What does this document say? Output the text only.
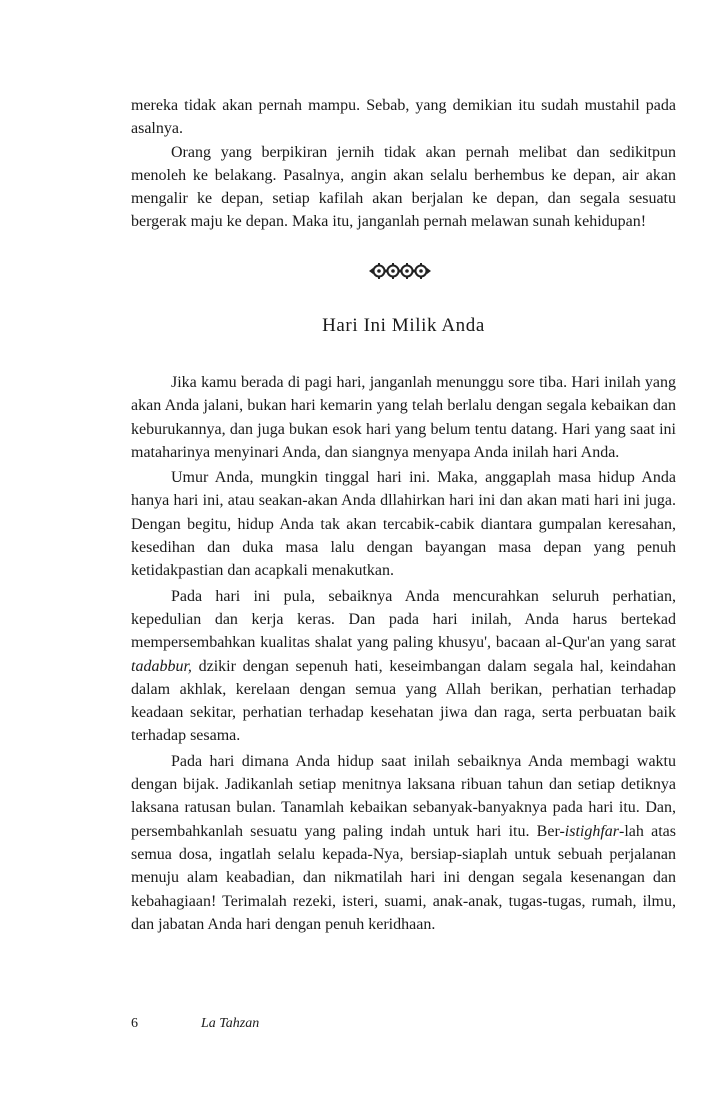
mereka tidak akan pernah mampu. Sebab, yang demikian itu sudah mustahil pada asalnya.

Orang yang berpikiran jernih tidak akan pernah melibat dan sedikitpun menoleh ke belakang. Pasalnya, angin akan selalu berhembus ke depan, air akan mengalir ke depan, setiap kafilah akan berjalan ke depan, dan segala sesuatu bergerak maju ke depan. Maka itu, janganlah pernah melawan sunah kehidupan!

Hari Ini Milik Anda

Jika kamu berada di pagi hari, janganlah menunggu sore tiba. Hari inilah yang akan Anda jalani, bukan hari kemarin yang telah berlalu dengan segala kebaikan dan keburukannya, dan juga bukan esok hari yang belum tentu datang. Hari yang saat ini mataharinya menyinari Anda, dan siangnya menyapa Anda inilah hari Anda.

Umur Anda, mungkin tinggal hari ini. Maka, anggaplah masa hidup Anda hanya hari ini, atau seakan-akan Anda dllahirkan hari ini dan akan mati hari ini juga. Dengan begitu, hidup Anda tak akan tercabik-cabik diantara gumpalan keresahan, kesedihan dan duka masa lalu dengan bayangan masa depan yang penuh ketidakpastian dan acapkali menakutkan.

Pada hari ini pula, sebaiknya Anda mencurahkan seluruh perhatian, kepedulian dan kerja keras. Dan pada hari inilah, Anda harus bertekad mempersembahkan kualitas shalat yang paling khusyu', bacaan al-Qur'an yang sarat tadabbur, dzikir dengan sepenuh hati, keseimbangan dalam segala hal, keindahan dalam akhlak, kerelaan dengan semua yang Allah berikan, perhatian terhadap keadaan sekitar, perhatian terhadap kesehatan jiwa dan raga, serta perbuatan baik terhadap sesama.

Pada hari dimana Anda hidup saat inilah sebaiknya Anda membagi waktu dengan bijak. Jadikanlah setiap menitnya laksana ribuan tahun dan setiap detiknya laksana ratusan bulan. Tanamlah kebaikan sebanyak-banyaknya pada hari itu. Dan, persembahkanlah sesuatu yang paling indah untuk hari itu. Ber-istighfar-lah atas semua dosa, ingatlah selalu kepada-Nya, bersiap-siaplah untuk sebuah perjalanan menuju alam keabadian, dan nikmatilah hari ini dengan segala kesenangan dan kebahagiaan! Terimalah rezeki, isteri, suami, anak-anak, tugas-tugas, rumah, ilmu, dan jabatan Anda hari dengan penuh keridhaan.

6	La Tahzan
